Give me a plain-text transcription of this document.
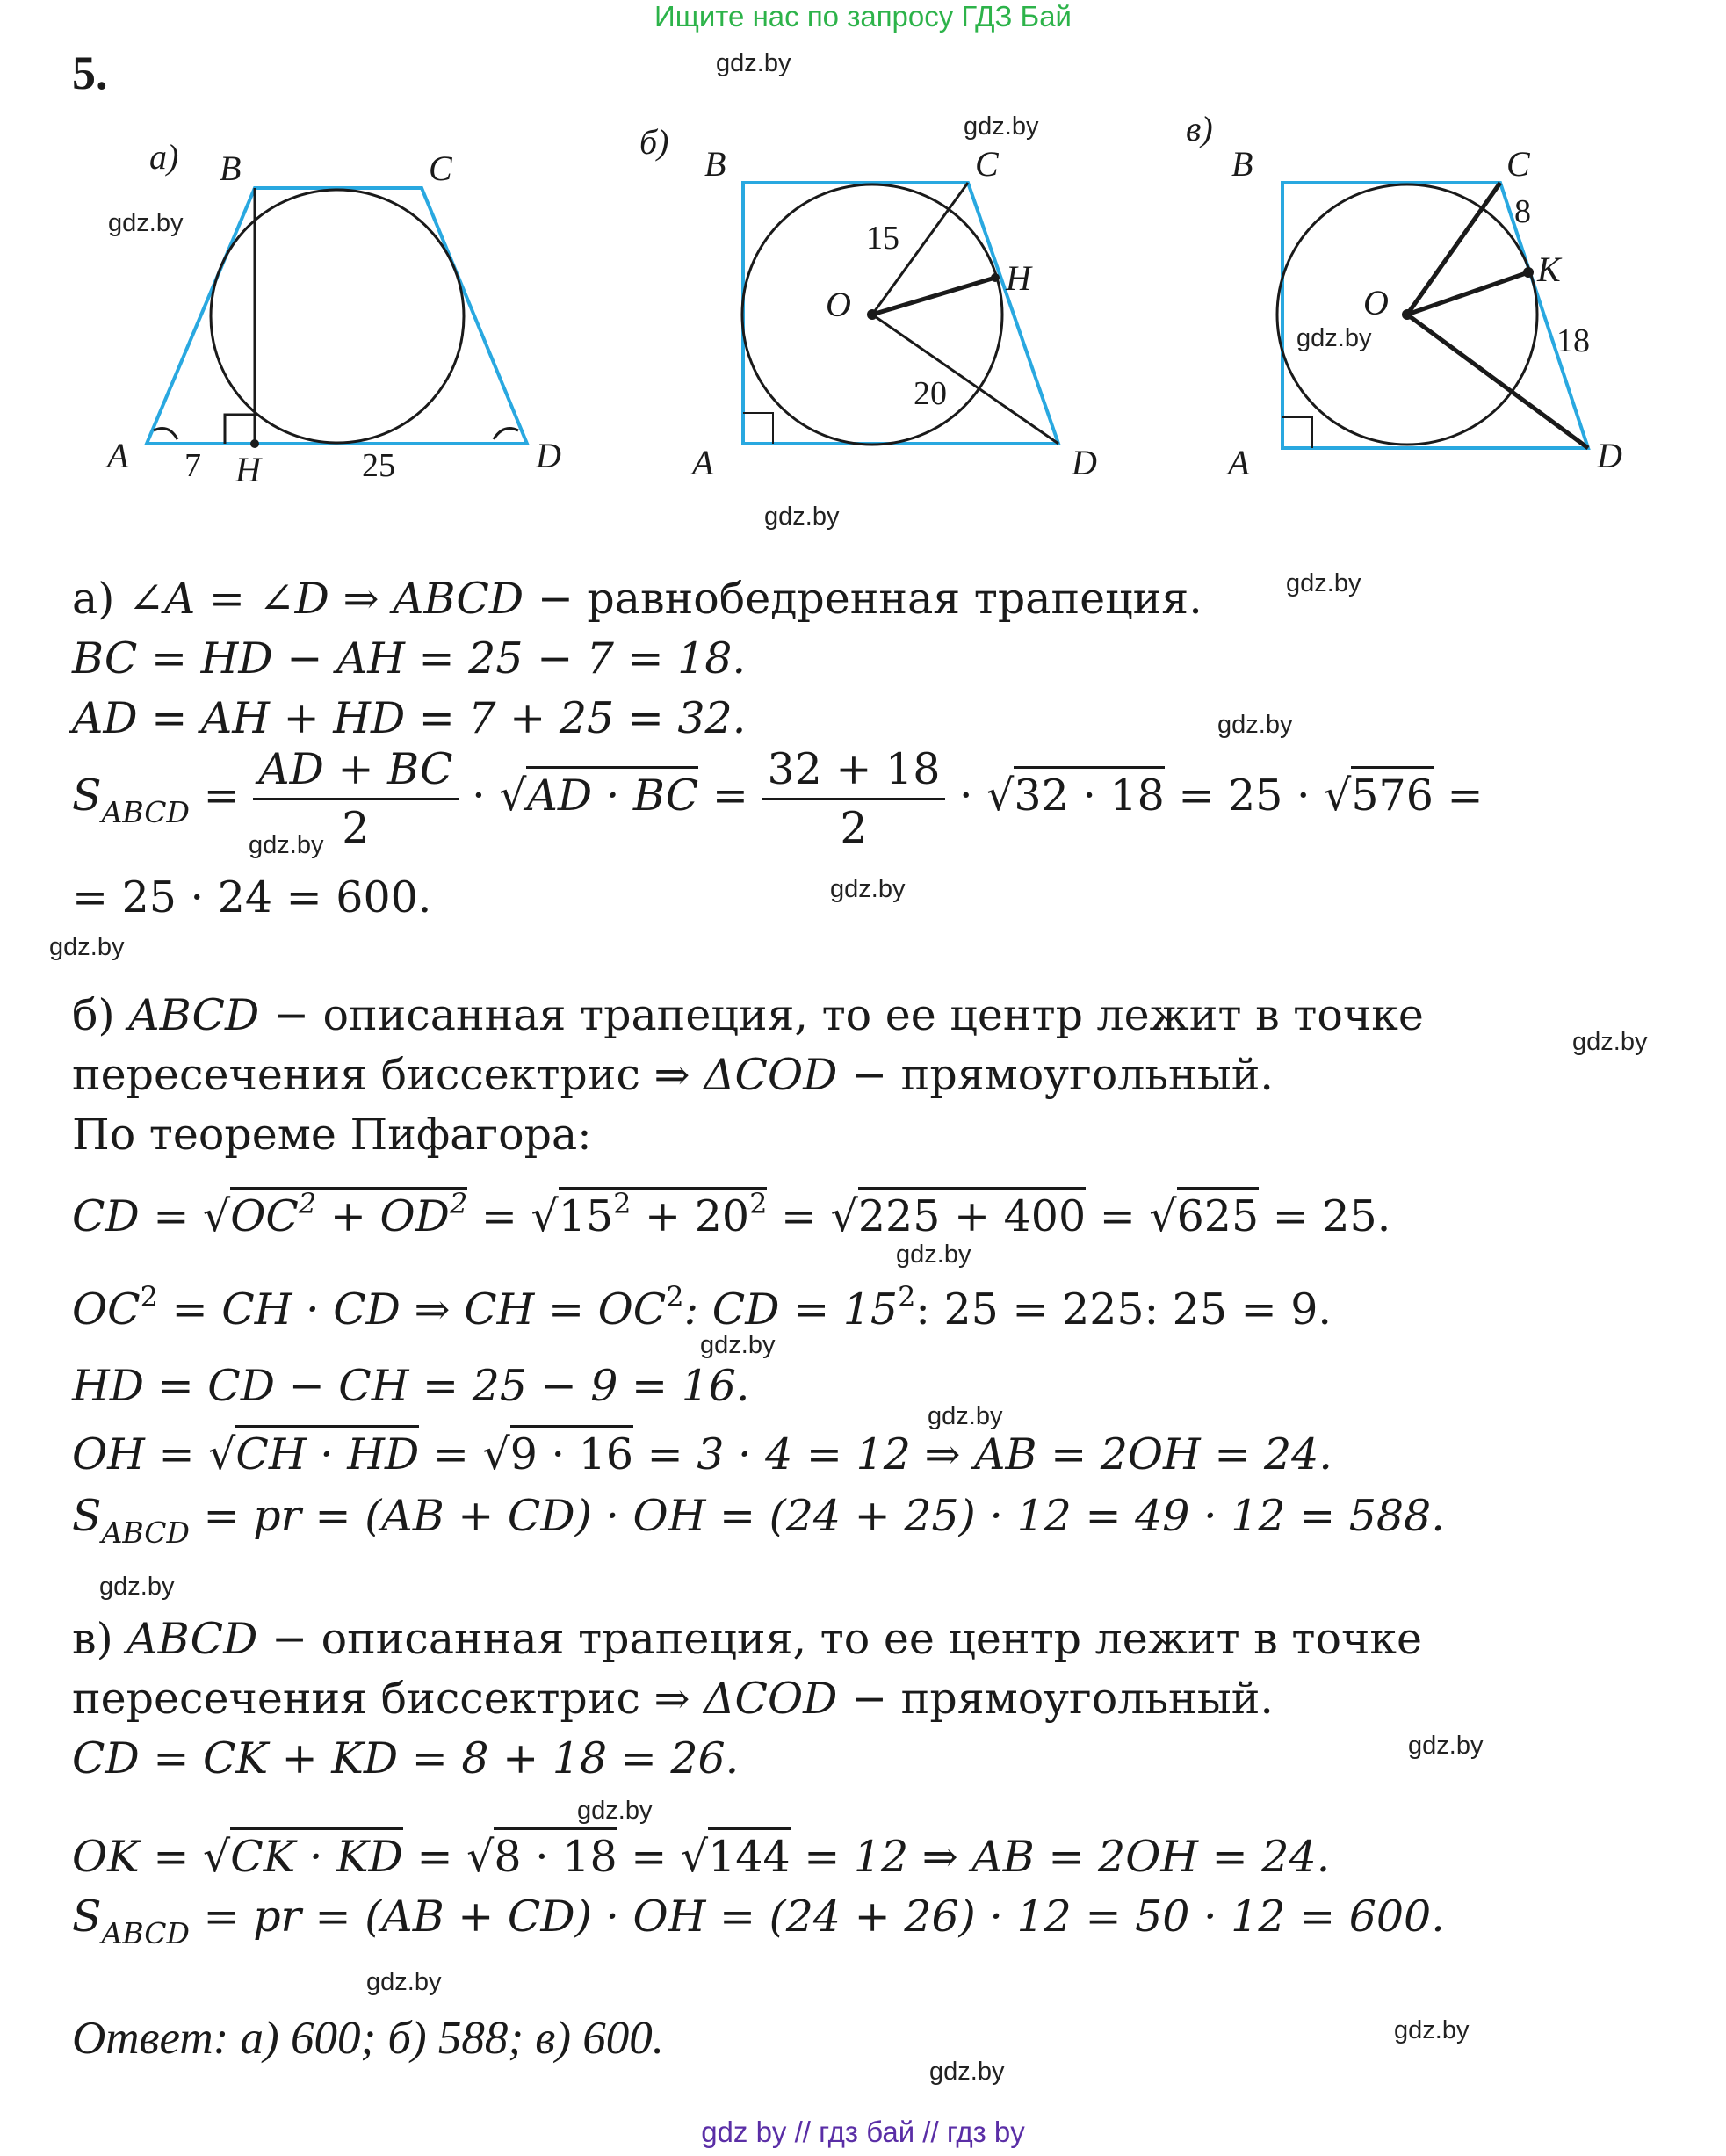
Ищите нас по запросу ГДЗ Бай
5.	gdz.by
gdz.by
gdz.by
gdz.by
gdz.by
gdz.by
gdz.by
gdz.by
gdz.by
gdz.by
gdz.by
gdz.by
gdz.by
gdz.by
gdz.by
gdz.by
gdz.by
gdz.by
gdz.by
gdz.by
а) B	C
A	D
H
7	25
б)
B	C
A	D
O
H
15
20
в)
B	C
A	D
O
K
8
18
а) ∠A = ∠D ⇒ ABCD − равнобедренная трапеция.
BC = HD − AH = 25 − 7 = 18.
AD = AH + HD = 7 + 25 = 32.
$S_{ABCD} = \frac{AD + BC}{2} \cdot √AD$ · BC = $\frac{32 + 18}{2} \cdot √32 \cdot 18 = 25 \cdot √576$ =
= 25 · 24 = 600.
б) ABCD − описанная трапеция, то ее центр лежит в точке
пересечения биссектрис ⇒ ΔCOD − прямоугольный.
По теореме Пифагора:
CD = $√OC^2 + OD^2 = √15^2 + 20^2 = √225 + 400 = √625 = 25$.
$OC^2$ = CH · CD ⇒ CH = $OC^2$: CD = $15^2$: 25 = 225: 25 = 9.
HD = CD − CH = 25 − 9 = 16.
OH = √CH · HD = √9 · 16 = 3 · 4 = 12 ⇒ AB = 2OH = 24.
$S_{ABCD}$ = pr = (AB + CD) · OH = (24 + 25) · 12 = 49 · 12 = 588.
в) ABCD − описанная трапеция, то ее центр лежит в точке
пересечения биссектрис ⇒ ΔCOD − прямоугольный.
CD = CK + KD = 8 + 18 = 26.
OK = √CK · KD = √8 · 18 = √144 = 12 ⇒ AB = 2OH = 24.
$S_{ABCD}$ = pr = (AB + CD) · OH = (24 + 26) · 12 = 50 · 12 = 600.
Ответ: а) 600; б) 588; в) 600.
gdz by // гдз бай // гдз by
